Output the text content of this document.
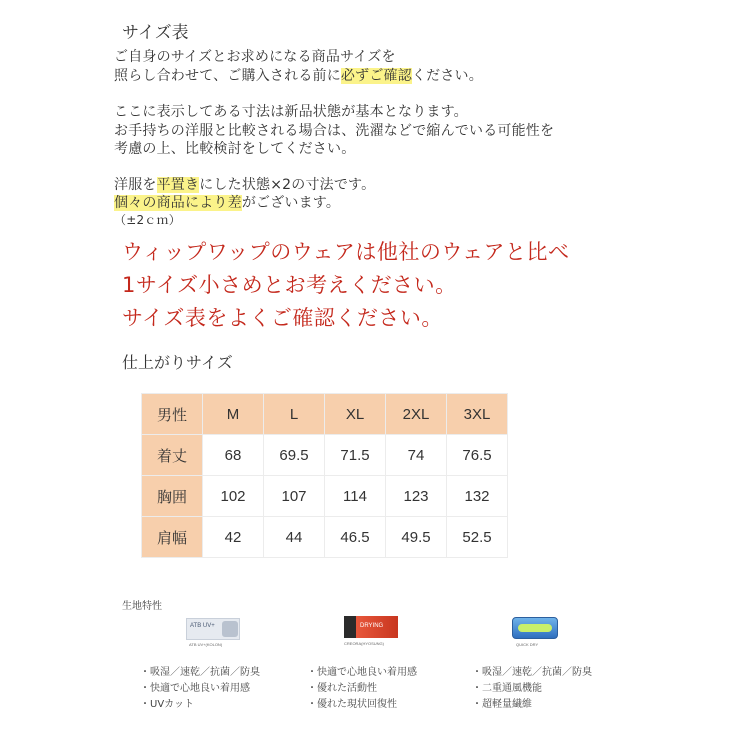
サイズ表
ご自身のサイズとお求めになる商品サイズを
照らし合わせて、ご購入される前に必ずご確認ください。
ここに表示してある寸法は新品状態が基本となります。
お手持ちの洋服と比較される場合は、洗濯などで縮んでいる可能性を
考慮の上、比較検討をしてください。
洋服を平置きにした状態×2の寸法です。
個々の商品により差がございます。
（±2ｃｍ）
ウィップワップのウェアは他社のウェアと比べ
1サイズ小さめとお考えください。
サイズ表をよくご確認ください。
仕上がりサイズ
男性	M	L	XL	2XL	3XL
着丈	68	69.5	71.5	74	76.5
胸囲	102	107	114	123	132
肩幅	42	44	46.5	49.5	52.5
生地特性
ATB UV+
ATB UV+(KOLON)
DRYING
CREORA(HYOSUNG)	QUICK DRY
・吸湿／速乾／抗菌／防臭
・快適で心地良い着用感
・UVカット
・快適で心地良い着用感
・優れた活動性
・優れた現状回復性
・吸湿／速乾／抗菌／防臭
・二重通風機能
・超軽量繊維
